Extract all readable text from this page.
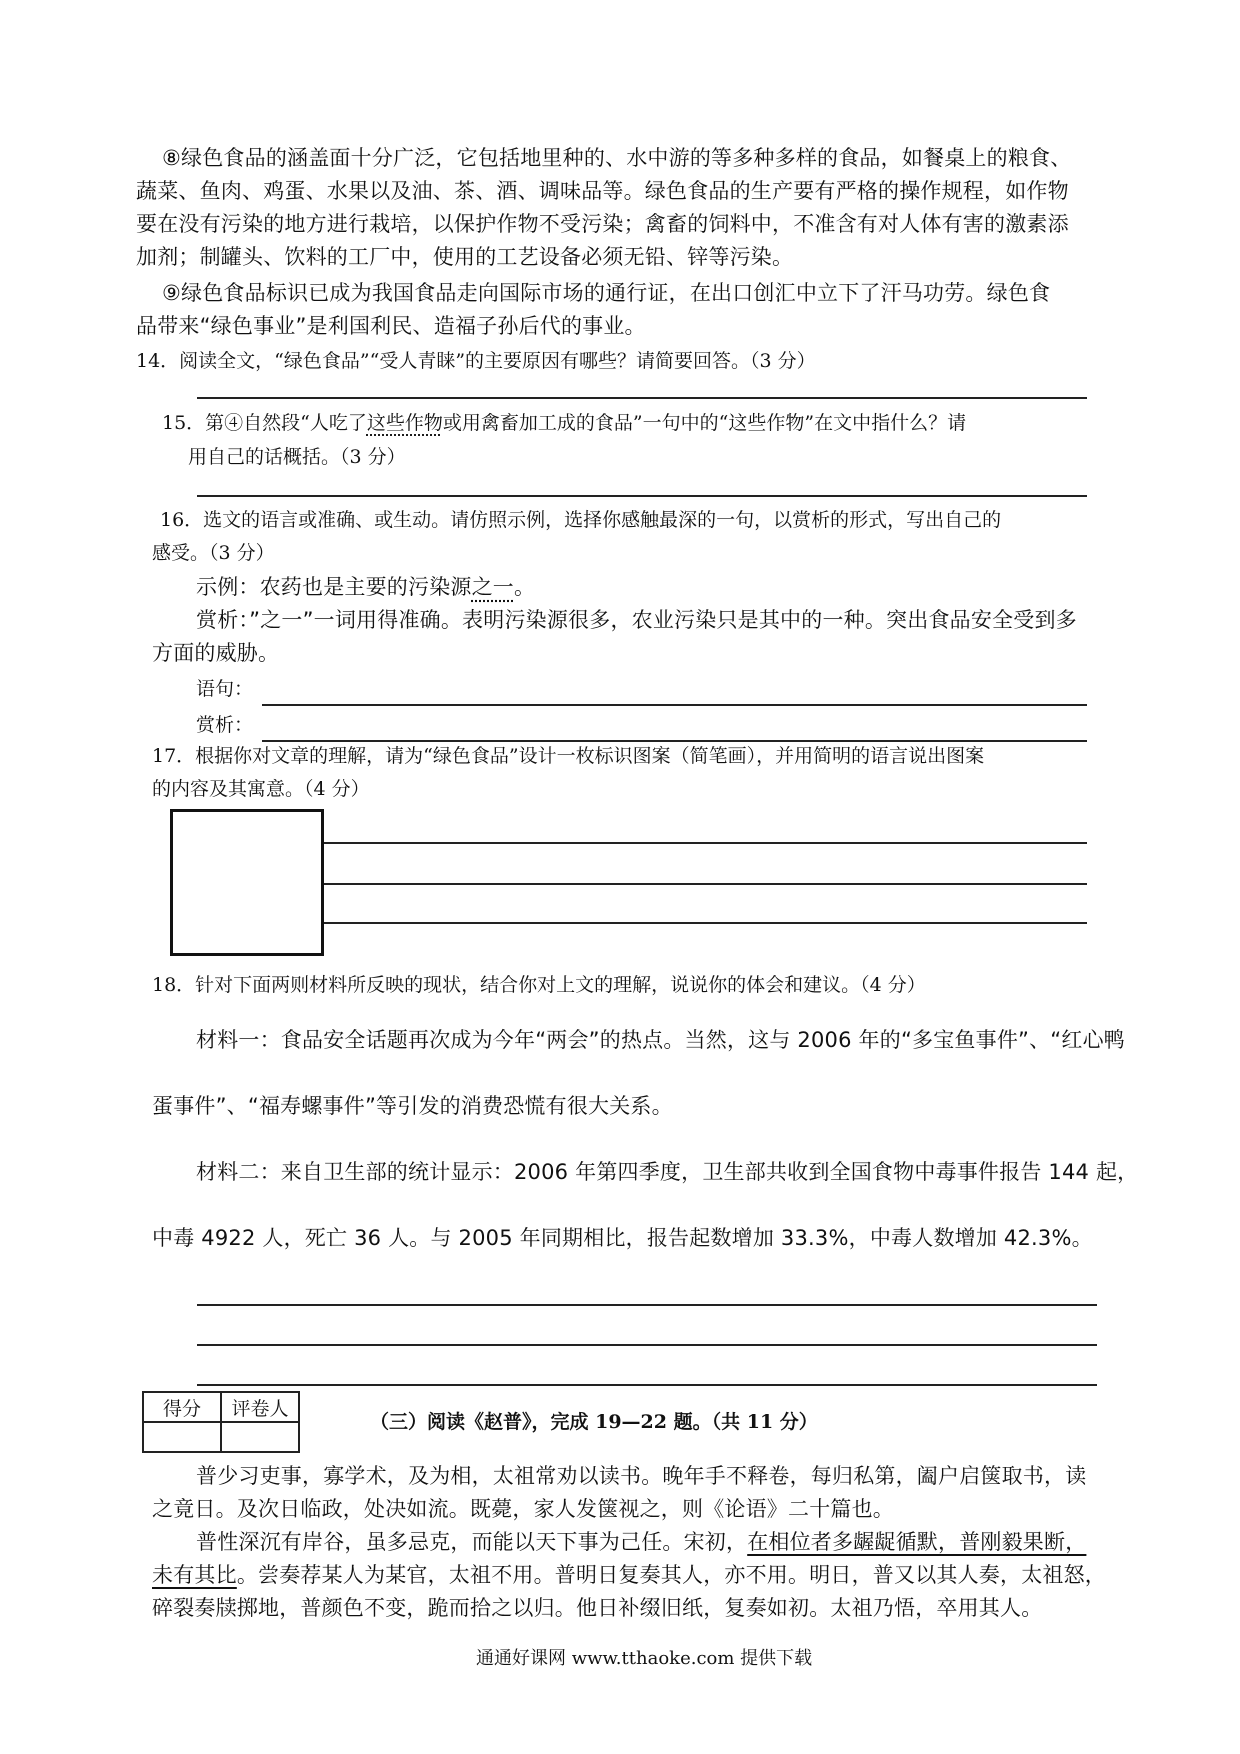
⑧绿色食品的涵盖面十分广泛，它包括地里种的、水中游的等多种多样的食品，如餐桌上的粮食、
蔬菜、鱼肉、鸡蛋、水果以及油、茶、酒、调味品等。绿色食品的生产要有严格的操作规程，如作物
要在没有污染的地方进行栽培，以保护作物不受污染；禽畜的饲料中，不准含有对人体有害的激素添
加剂；制罐头、饮料的工厂中，使用的工艺设备必须无铅、锌等污染。
⑨绿色食品标识已成为我国食品走向国际市场的通行证，在出口创汇中立下了汗马功劳。绿色食
品带来“绿色事业”是利国利民、造福子孙后代的事业。
14．阅读全文，“绿色食品”“受人青睐”的主要原因有哪些？请简要回答。（3 分）
15．第④自然段“人吃了这些作物或用禽畜加工成的食品”一句中的“这些作物”在文中指什么？请
用自己的话概括。（3 分）
16．选文的语言或准确、或生动。请仿照示例，选择你感触最深的一句，以赏析的形式，写出自己的
感受。（3 分）
示例：农药也是主要的污染源之一。
赏析：”之一”一词用得准确。表明污染源很多，农业污染只是其中的一种。突出食品安全受到多
方面的威胁。
语句：
赏析：
17．根据你对文章的理解，请为“绿色食品”设计一枚标识图案（简笔画），并用简明的语言说出图案
的内容及其寓意。（4 分）
18．针对下面两则材料所反映的现状，结合你对上文的理解，说说你的体会和建议。（4 分）
材料一：食品安全话题再次成为今年“两会”的热点。当然，这与 2006 年的“多宝鱼事件”、“红心鸭
蛋事件”、“福寿螺事件”等引发的消费恐慌有很大关系。
材料二：来自卫生部的统计显示：2006 年第四季度，卫生部共收到全国食物中毒事件报告 144 起，
中毒 4922 人，死亡 36 人。与 2005 年同期相比，报告起数增加 33.3%，中毒人数增加 42.3%。
得分	评卷人

（三）阅读《赵普》，完成 19—22 题。（共 11 分）
普少习吏事，寡学术，及为相，太祖常劝以读书。晚年手不释卷，每归私第，阖户启箧取书，读
之竟日。及次日临政，处决如流。既薨，家人发箧视之，则《论语》二十篇也。
普性深沉有岸谷，虽多忌克，而能以天下事为己任。宋初，在相位者多龌龊循默，普刚毅果断，
未有其比。尝奏荐某人为某官，太祖不用。普明日复奏其人，亦不用。明日，普又以其人奏，太祖怒，
碎裂奏牍掷地，普颜色不变，跪而拾之以归。他日补缀旧纸，复奏如初。太祖乃悟，卒用其人。
通通好课网 www.tthaoke.com 提供下载
